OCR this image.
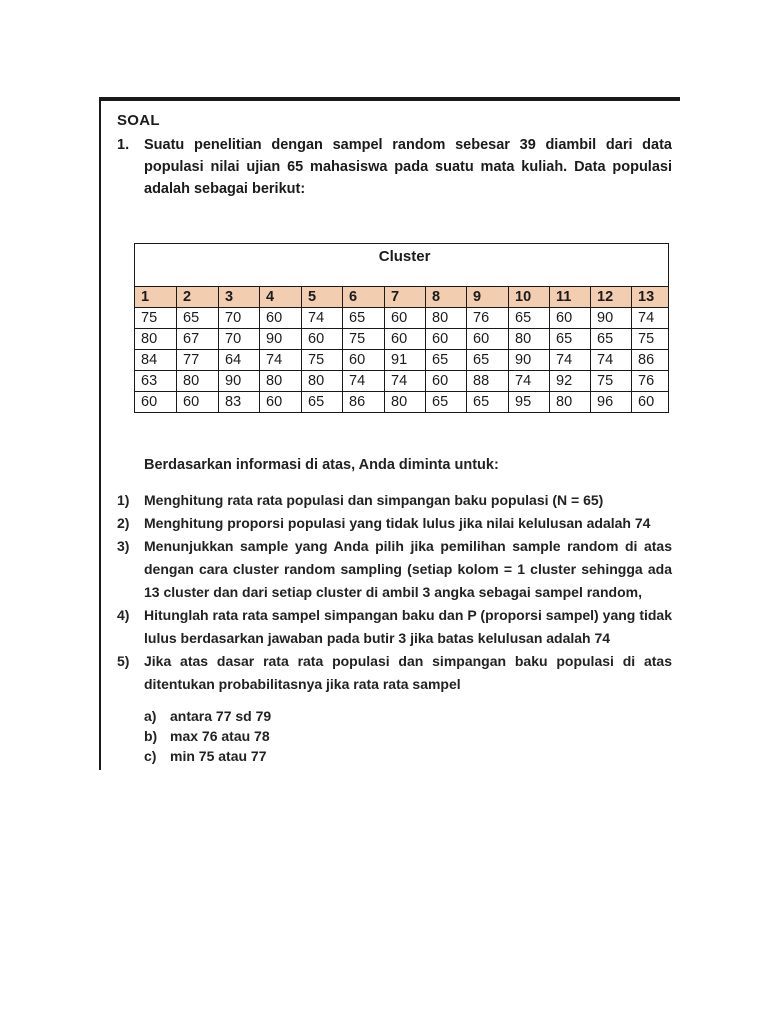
SOAL
1.	Suatu penelitian dengan sampel random sebesar 39 diambil dari data populasi nilai ujian 65 mahasiswa pada suatu mata kuliah. Data populasi adalah sebagai berikut:
Cluster												
1	2	3	4	5	6	7	8	9	10	11	12	13
75	65	70	60	74	65	60	80	76	65	60	90	74
80	67	70	90	60	75	60	60	60	80	65	65	75
84	77	64	74	75	60	91	65	65	90	74	74	86
63	80	90	80	80	74	74	60	88	74	92	75	76
60	60	83	60	65	86	80	65	65	95	80	96	60
Berdasarkan informasi di atas, Anda diminta untuk:
1)	Menghitung rata rata populasi dan simpangan baku populasi (N = 65)
2)	Menghitung proporsi populasi yang tidak lulus jika nilai kelulusan adalah 74
3)	Menunjukkan sample yang Anda pilih jika pemilihan sample random di atas dengan cara cluster random sampling (setiap kolom = 1 cluster sehingga ada 13 cluster dan dari setiap cluster di ambil 3 angka sebagai sampel random,
4)	Hitunglah rata rata sampel simpangan baku dan P (proporsi sampel) yang tidak lulus berdasarkan jawaban pada butir 3 jika batas kelulusan adalah 74
5)	Jika atas dasar rata rata populasi dan simpangan baku populasi di atas ditentukan probabilitasnya jika rata rata sampel
a) antara 77 sd 79
b) max 76 atau 78
c) min 75 atau 77
